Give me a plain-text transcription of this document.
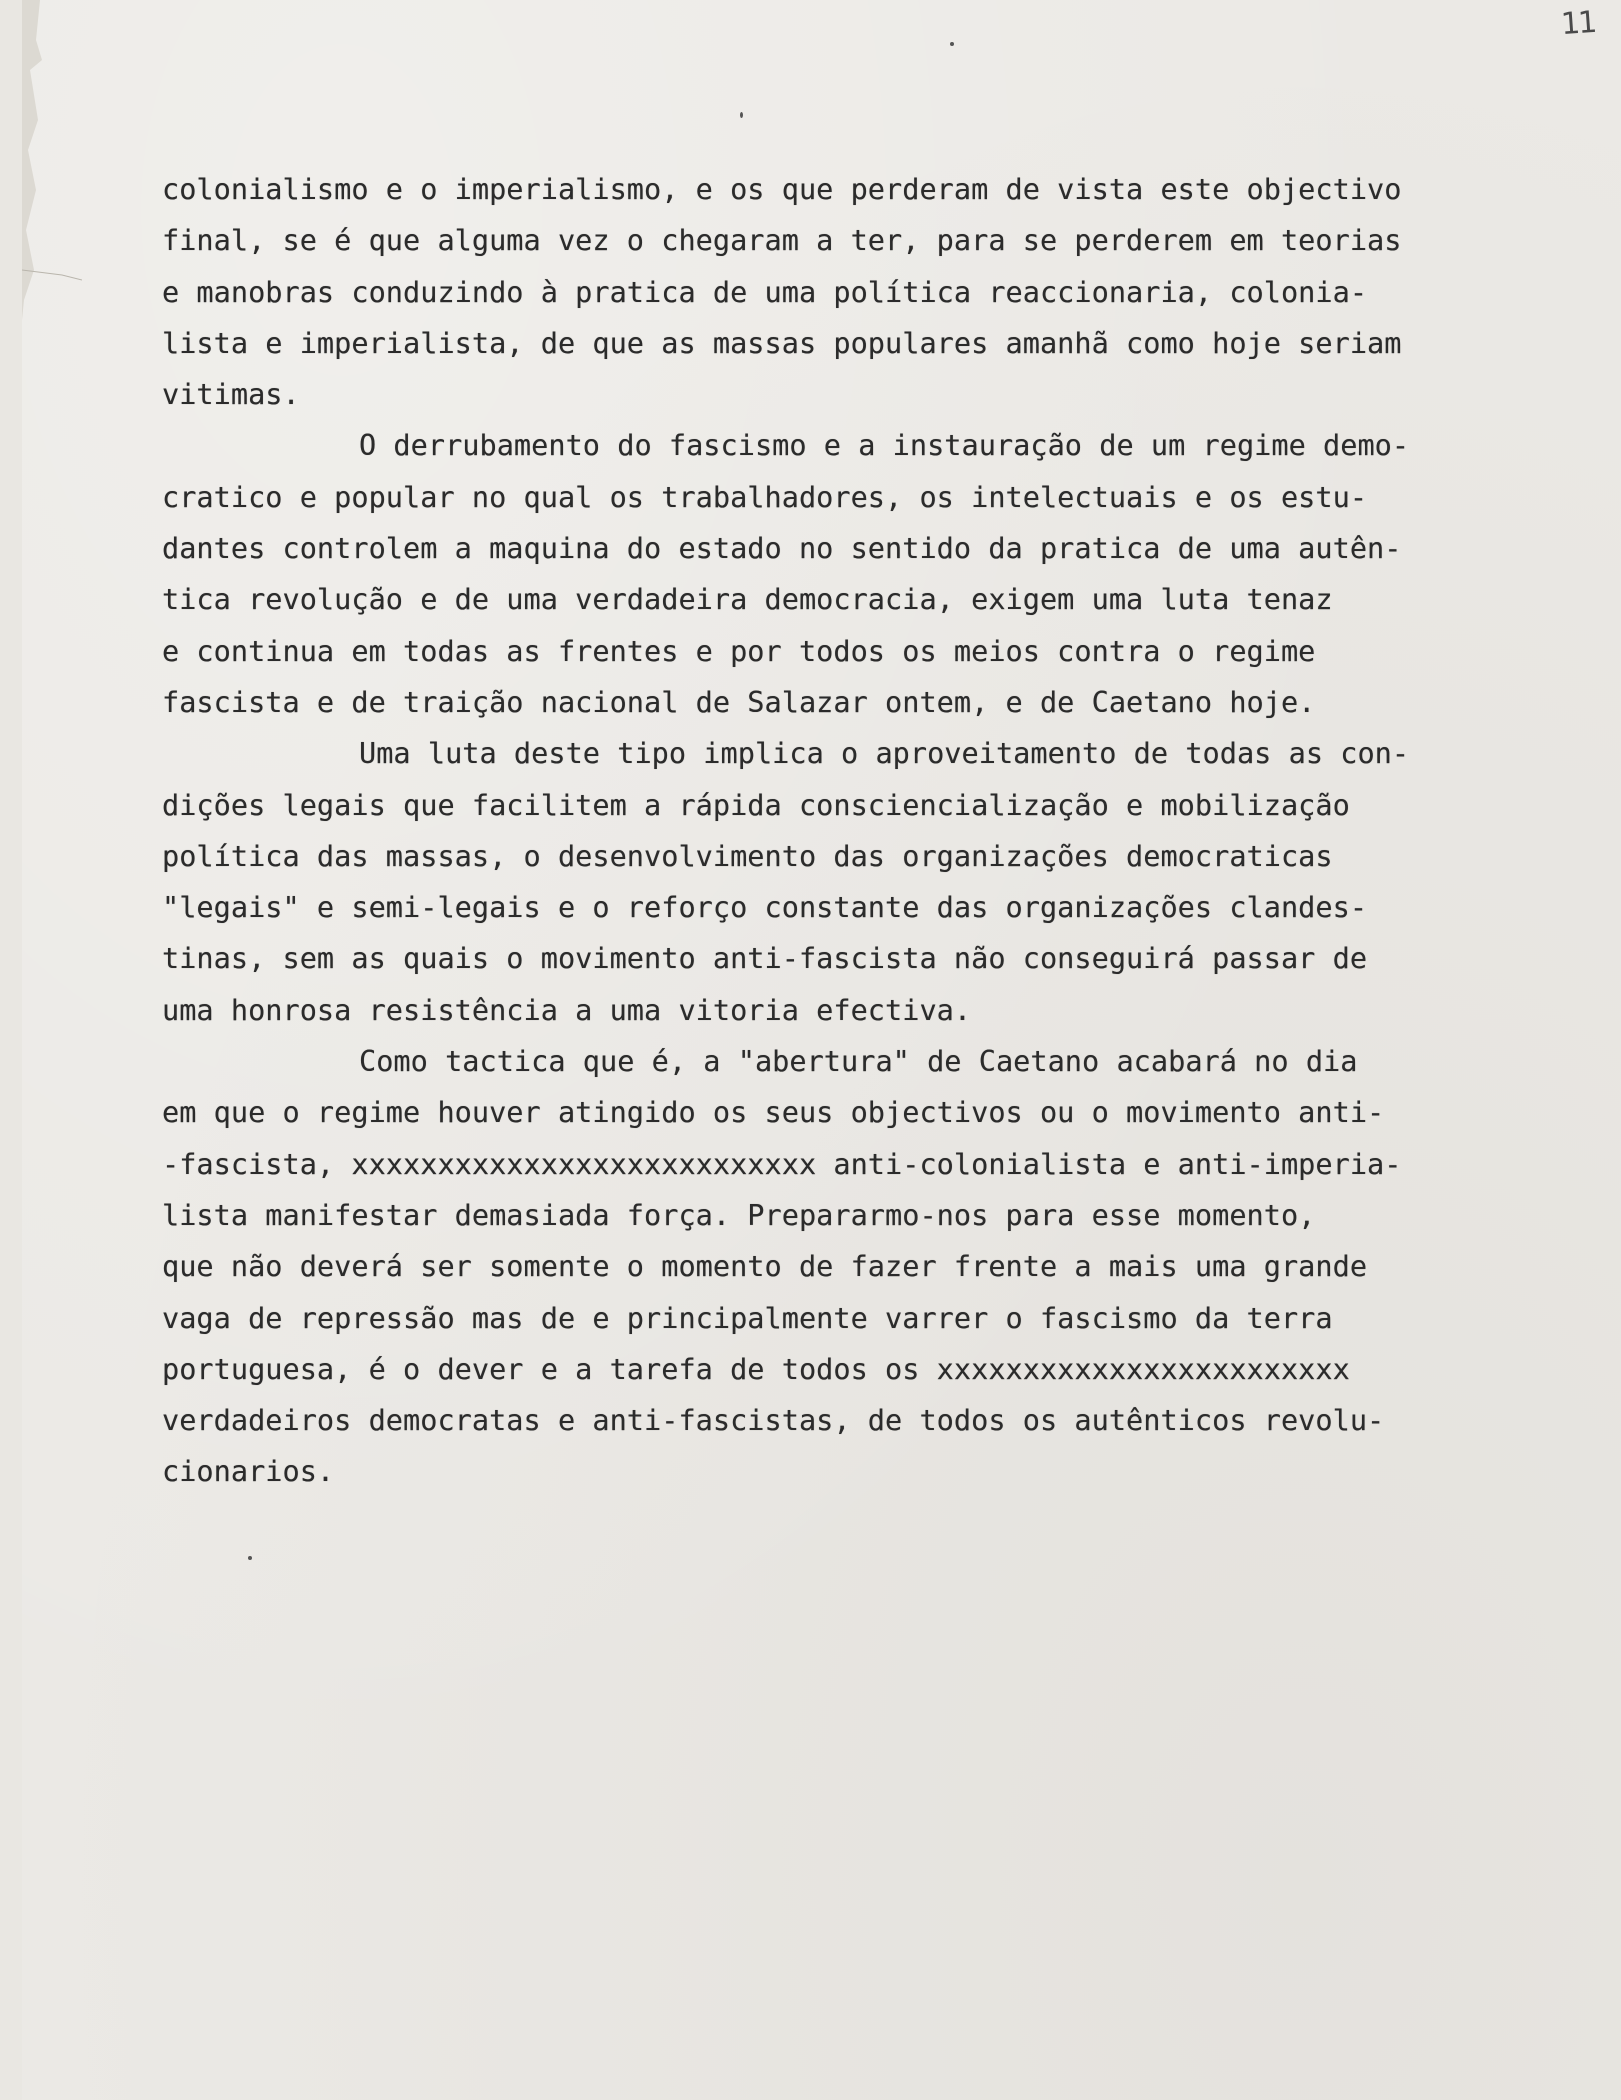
11
colonialismo e o imperialismo, e os que perderam de vista este objectivo
final, se é que alguma vez o chegaram a ter, para se perderem em teorias
e manobras conduzindo à pratica de uma política reaccionaria, colonia-
lista e imperialista, de que as massas populares amanhã como hoje seriam
vitimas.
O derrubamento do fascismo e a instauração de um regime demo-
cratico e popular no qual os trabalhadores, os intelectuais e os estu-
dantes controlem a maquina do estado no sentido da pratica de uma autên-
tica revolução e de uma verdadeira democracia, exigem uma luta tenaz
e continua em todas as frentes e por todos os meios contra o regime
fascista e de traição nacional de Salazar ontem, e de Caetano hoje.
Uma luta deste tipo implica o aproveitamento de todas as con-
dições legais que facilitem a rápida consciencialização e mobilização
política das massas, o desenvolvimento das organizações democraticas
"legais" e semi-legais e o reforço constante das organizações clandes-
tinas, sem as quais o movimento anti-fascista não conseguirá passar de
uma honrosa resistência a uma vitoria efectiva.
Como tactica que é, a "abertura" de Caetano acabará no dia
em que o regime houver atingido os seus objectivos ou o movimento anti-
-fascista, xxxxxxxxxxxxxxxxxxxxxxxxxxx anti-colonialista e anti-imperia-
lista manifestar demasiada força. Prepararmo-nos para esse momento,
que não deverá ser somente o momento de fazer frente a mais uma grande
vaga de repressão mas de e principalmente varrer o fascismo da terra
portuguesa, é o dever e a tarefa de todos os xxxxxxxxxxxxxxxxxxxxxxxx
verdadeiros democratas e anti-fascistas, de todos os autênticos revolu-
cionarios.
